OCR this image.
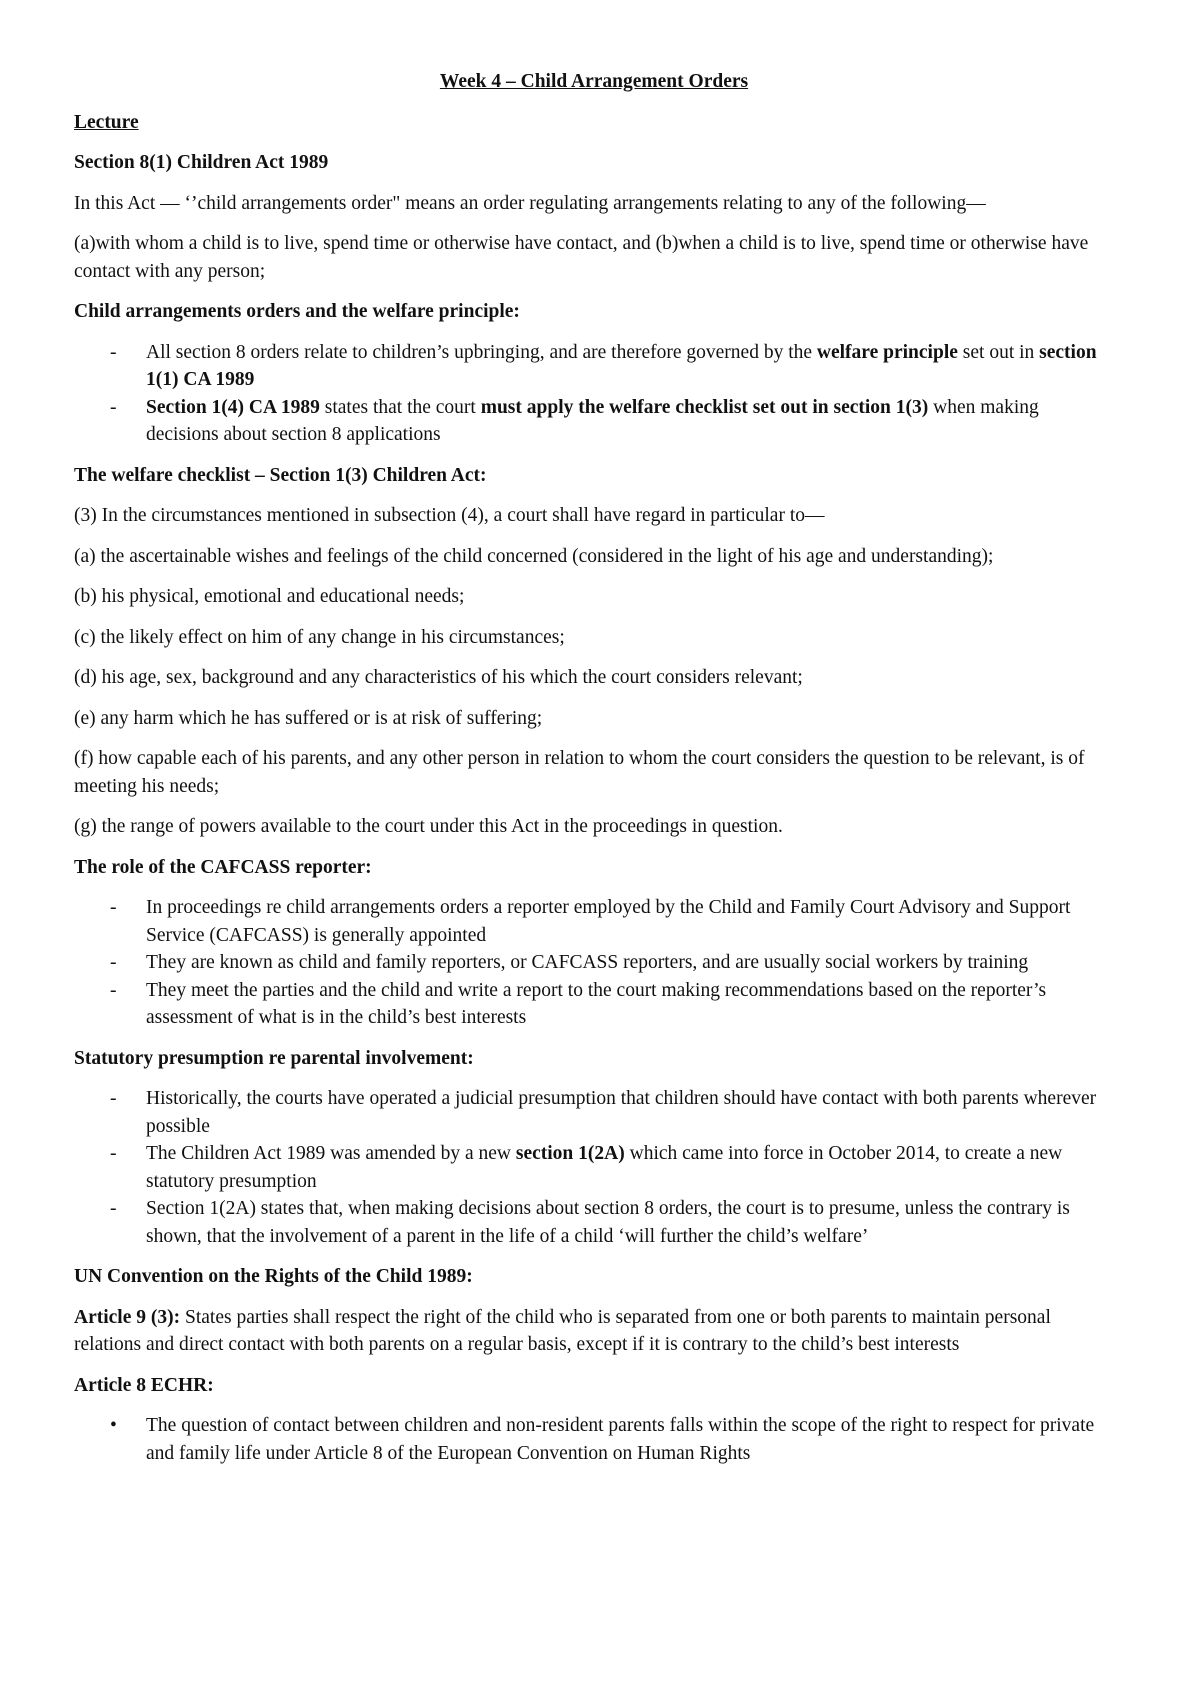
Week 4 – Child Arrangement Orders
Lecture
Section 8(1) Children Act 1989

In this Act — ‘’child arrangements order" means an order regulating arrangements relating to any of the following—

(a)with whom a child is to live, spend time or otherwise have contact, and (b)when a child is to live, spend time or otherwise have contact with any person;

Child arrangements orders and the welfare principle:
- All section 8 orders relate to children’s upbringing, and are therefore governed by the welfare principle set out in section 1(1) CA 1989
- Section 1(4) CA 1989 states that the court must apply the welfare checklist set out in section 1(3) when making decisions about section 8 applications
The welfare checklist – Section 1(3) Children Act:

(3) In the circumstances mentioned in subsection (4), a court shall have regard in particular to—

(a) the ascertainable wishes and feelings of the child concerned (considered in the light of his age and understanding);

(b) his physical, emotional and educational needs;

(c) the likely effect on him of any change in his circumstances;

(d) his age, sex, background and any characteristics of his which the court considers relevant;

(e) any harm which he has suffered or is at risk of suffering;

(f) how capable each of his parents, and any other person in relation to whom the court considers the question to be relevant, is of meeting his needs;

(g) the range of powers available to the court under this Act in the proceedings in question.

The role of the CAFCASS reporter:
- In proceedings re child arrangements orders a reporter employed by the Child and Family Court Advisory and Support Service (CAFCASS) is generally appointed
- They are known as child and family reporters, or CAFCASS reporters, and are usually social workers by training
- They meet the parties and the child and write a report to the court making recommendations based on the reporter’s assessment of what is in the child’s best interests
Statutory presumption re parental involvement:
- Historically, the courts have operated a judicial presumption that children should have contact with both parents wherever possible
- The Children Act 1989 was amended by a new section 1(2A) which came into force in October 2014, to create a new statutory presumption
- Section 1(2A) states that, when making decisions about section 8 orders, the court is to presume, unless the contrary is shown, that the involvement of a parent in the life of a child ‘will further the child’s welfare’
UN Convention on the Rights of the Child 1989:

Article 9 (3): States parties shall respect the right of the child who is separated from one or both parents to maintain personal relations and direct contact with both parents on a regular basis, except if it is contrary to the child’s best interests

Article 8 ECHR:
• The question of contact between children and non-resident parents falls within the scope of the right to respect for private and family life under Article 8 of the European Convention on Human Rights
